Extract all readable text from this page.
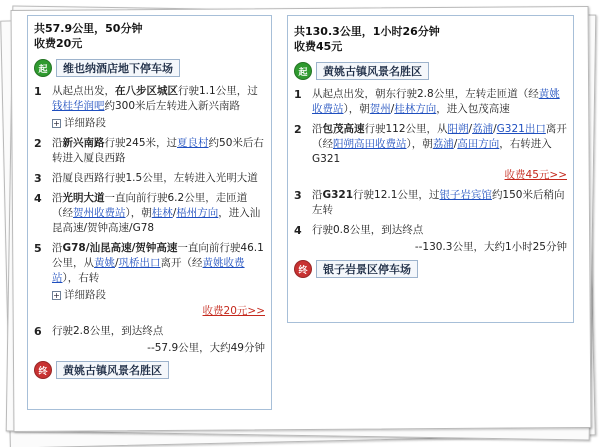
共57.9公里，50分钟
收费20元
起	维也纳酒店地下停车场
1 从起点出发，在八步区城区行驶1.1公里，过钱桂华润吧约300米后左转进入新兴南路
+ 详细路段
2 沿新兴南路行驶245米，过夏良村约50米后右转进入厦良西路
3 沿厦良西路行驶1.5公里，左转进入光明大道
4 沿光明大道一直向前行驶6.2公里，走匝道（经贺州收费站），朝桂林/梧州方向，进入汕昆高速/贺钟高速/G78
5 沿G78/汕昆高速/贺钟高速一直向前行驶46.1公里，从黄姚/巩桥出口离开（经黄姚收费站），右转
+ 详细路段
收费20元>>
6 行驶2.8公里，到达终点
--57.9公里，大约49分钟
终	黄姚古镇风景名胜区
共130.3公里，1小时26分钟
收费45元
起	黄姚古镇风景名胜区
1 从起点出发，朝东行驶2.8公里，左转走匝道（经黄姚收费站），朝贺州/桂林方向，进入包茂高速
2 沿包茂高速行驶112公里，从阳朔/荔浦/G321出口离开（经阳朔高田收费站），朝荔浦/高田方向，右转进入G321
收费45元>>
3 沿G321行驶12.1公里，过银子岩宾馆约150米后稍向左转
4 行驶0.8公里，到达终点
--130.3公里，大约1小时25分钟
终	银子岩景区停车场
